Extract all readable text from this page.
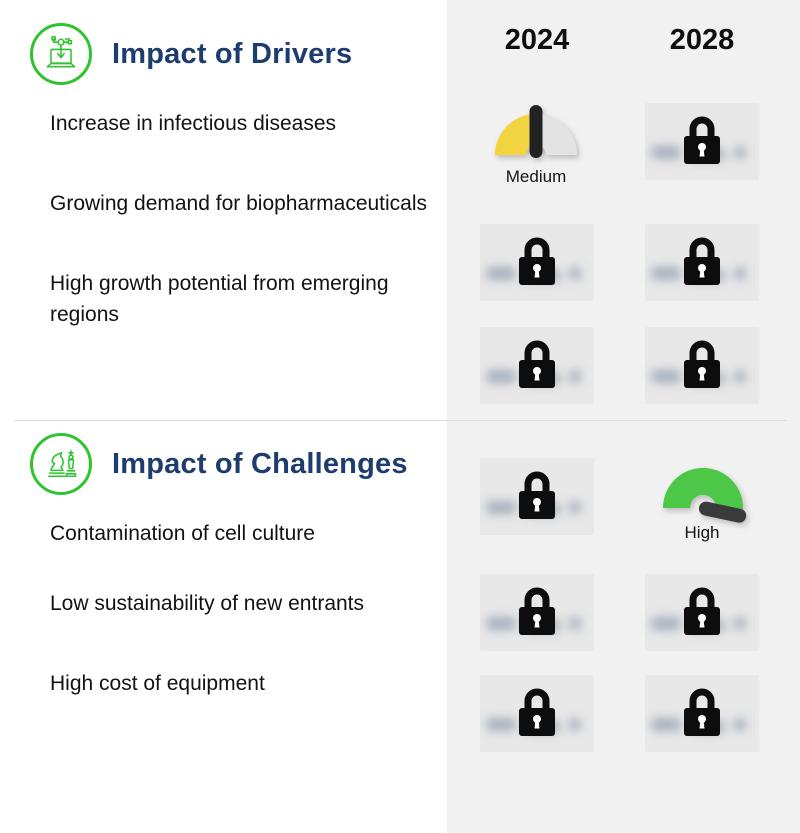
2024	2028
Impact of Drivers
Increase in infectious diseases
Growing demand for biopharmaceuticals
High growth potential from emerging regions
Medium
Impact of Challenges
Contamination of cell culture
Low sustainability of new entrants
High cost of equipment
High
